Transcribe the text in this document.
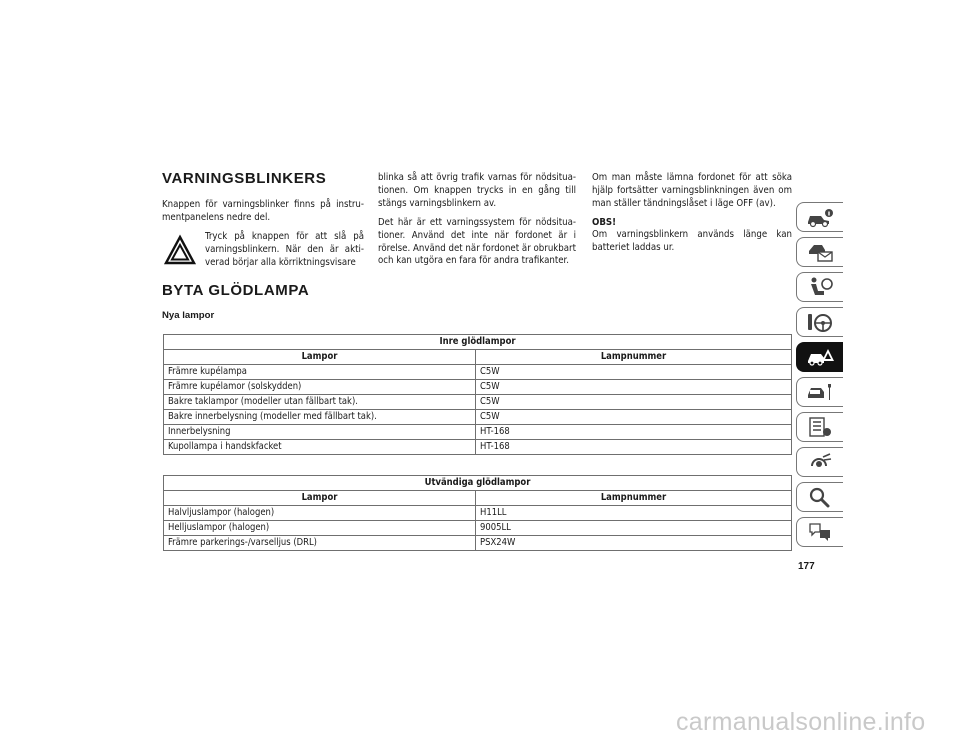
VARNINGSBLINKERS

Knappen för varningsblinker finns på instru-mentpanelens nedre del.

Tryck på knappen för att slå på varningsblinkern. När den är akti-verad börjar alla körriktningsvisare

blinka så att övrig trafik varnas för nödsitua-tionen. Om knappen trycks in en gång till stängs varningsblinkern av.

Det här är ett varningssystem för nödsitua-tioner. Använd det inte när fordonet är i rörelse. Använd det när fordonet är obrukbart och kan utgöra en fara för andra trafikanter.

Om man måste lämna fordonet för att söka hjälp fortsätter varningsblinkningen även om man ställer tändningslåset i läge OFF (av).

OBS!

Om varningsblinkern används länge kan batteriet laddas ur.

BYTA GLÖDLAMPA
Nya lampor
Inre glödlampor	
Lampor	Lampnummer
Främre kupélampa	C5W
Främre kupélamor (solskydden)	C5W
Bakre taklampor (modeller utan fällbart tak).	C5W
Bakre innerbelysning (modeller med fällbart tak).	C5W
Innerbelysning	HT-168
Kupollampa i handskfacket	HT-168
Utvändiga glödlampor	
Lampor	Lampnummer
Halvljuslampor (halogen)	H11LL
Helljuslampor (halogen)	9005LL
Främre parkerings-/varselljus (DRL)	PSX24W
177
carmanualsonline.info
